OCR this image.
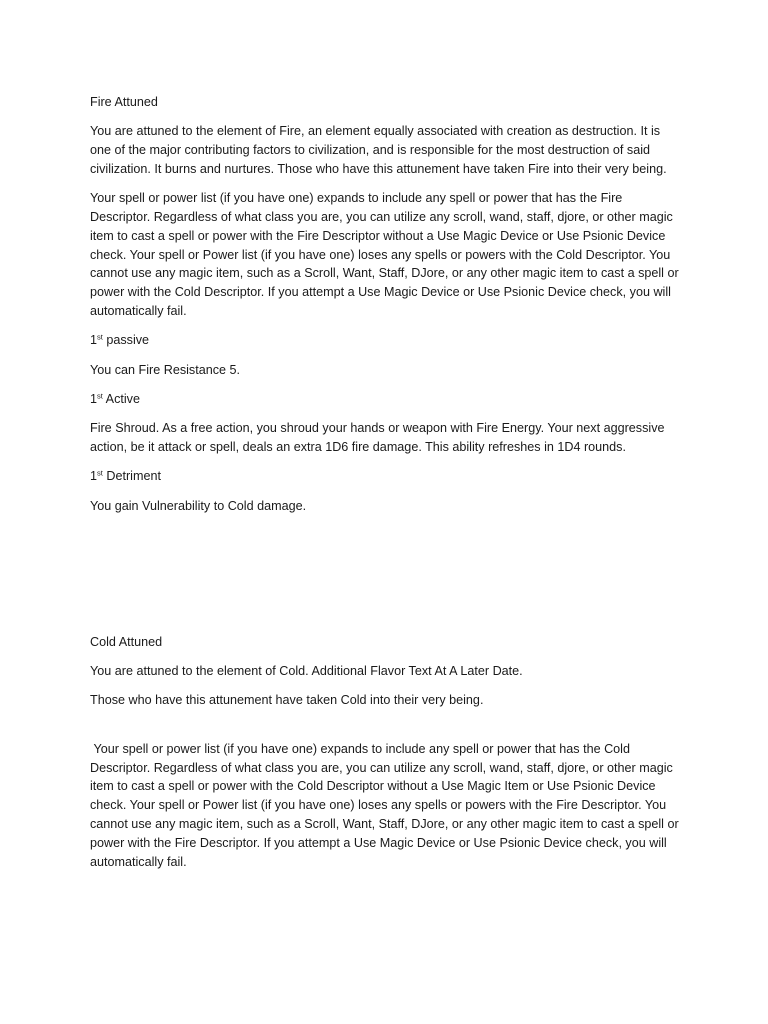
Fire Attuned

You are attuned to the element of Fire, an element equally associated with creation as destruction. It is one of the major contributing factors to civilization, and is responsible for the most destruction of said civilization. It burns and nurtures. Those who have this attunement have taken Fire into their very being.

Your spell or power list (if you have one) expands to include any spell or power that has the Fire Descriptor. Regardless of what class you are, you can utilize any scroll, wand, staff, djore, or other magic item to cast a spell or power with the Fire Descriptor without a Use Magic Device or Use Psionic Device check. Your spell or Power list (if you have one) loses any spells or powers with the Cold Descriptor. You cannot use any magic item, such as a Scroll, Want, Staff, DJore, or any other magic item to cast a spell or power with the Cold Descriptor. If you attempt a Use Magic Device or Use Psionic Device check, you will automatically fail.

1st passive

You can Fire Resistance 5.

1st Active

Fire Shroud. As a free action, you shroud your hands or weapon with Fire Energy. Your next aggressive action, be it attack or spell, deals an extra 1D6 fire damage. This ability refreshes in 1D4 rounds.

1st Detriment

You gain Vulnerability to Cold damage.

Cold Attuned

You are attuned to the element of Cold. Additional Flavor Text At A Later Date.

Those who have this attunement have taken Cold into their very being.

Your spell or power list (if you have one) expands to include any spell or power that has the Cold Descriptor. Regardless of what class you are, you can utilize any scroll, wand, staff, djore, or other magic item to cast a spell or power with the Cold Descriptor without a Use Magic Item or Use Psionic Device check. Your spell or Power list (if you have one) loses any spells or powers with the Fire Descriptor. You cannot use any magic item, such as a Scroll, Want, Staff, DJore, or any other magic item to cast a spell or power with the Fire Descriptor. If you attempt a Use Magic Device or Use Psionic Device check, you will automatically fail.
